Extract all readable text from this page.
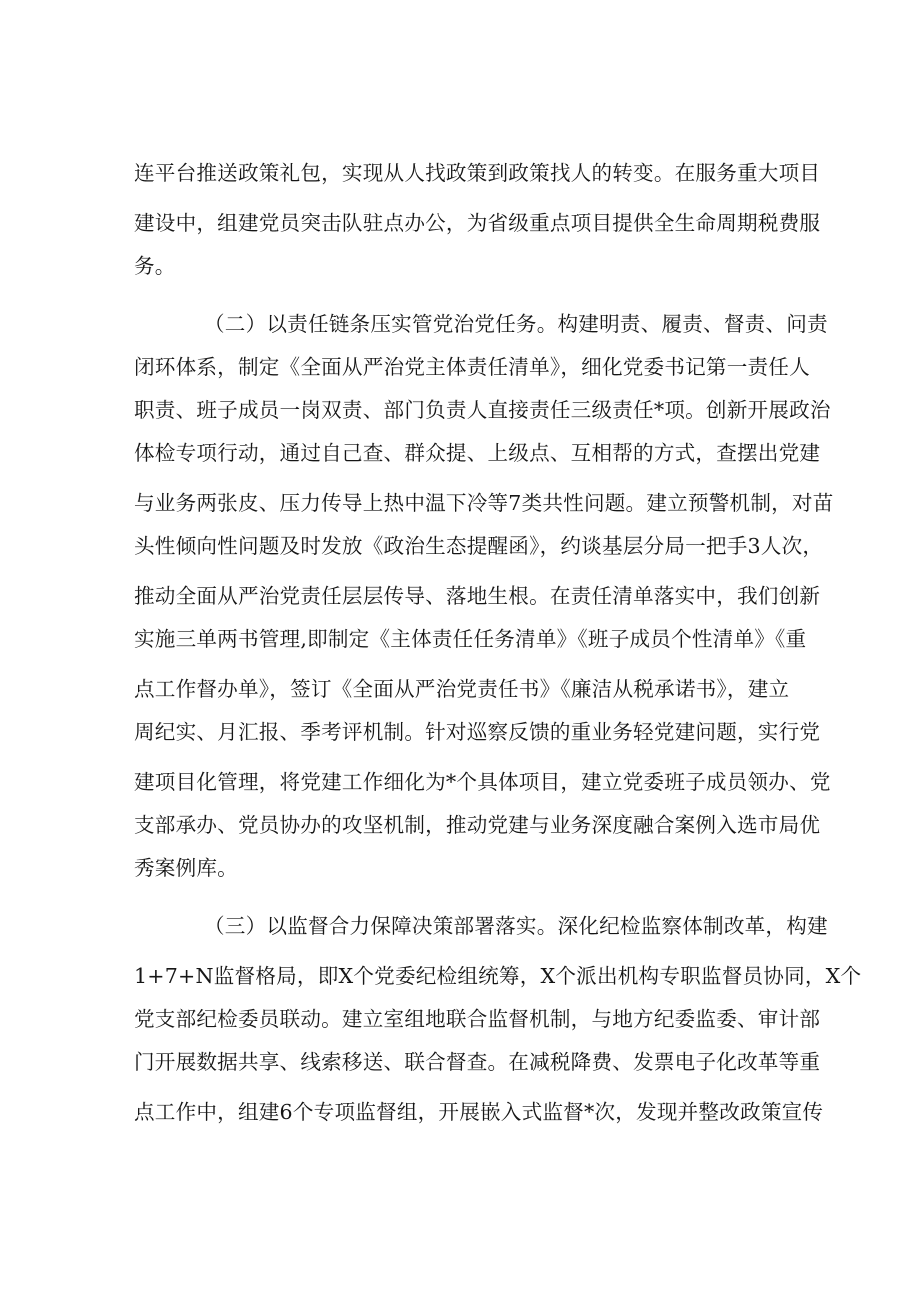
连平台推送政策礼包，实现从人找政策到政策找人的转变。在服务重大项目
建设中，组建党员突击队驻点办公，为省级重点项目提供全生命周期税费服
务。
（二）以责任链条压实管党治党任务。构建明责、履责、督责、问责
闭环体系，制定《全面从严治党主体责任清单》，细化党委书记第一责任人
职责、班子成员一岗双责、部门负责人直接责任三级责任*项。创新开展政治
体检专项行动，通过自己查、群众提、上级点、互相帮的方式，查摆出党建
与业务两张皮、压力传导上热中温下冷等7类共性问题。建立预警机制，对苗
头性倾向性问题及时发放《政治生态提醒函》，约谈基层分局一把手3人次，
推动全面从严治党责任层层传导、落地生根。在责任清单落实中，我们创新
实施三单两书管理,即制定《主体责任任务清单》《班子成员个性清单》《重
点工作督办单》，签订《全面从严治党责任书》《廉洁从税承诺书》，建立
周纪实、月汇报、季考评机制。针对巡察反馈的重业务轻党建问题，实行党
建项目化管理，将党建工作细化为*个具体项目，建立党委班子成员领办、党
支部承办、党员协办的攻坚机制，推动党建与业务深度融合案例入选市局优
秀案例库。
（三）以监督合力保障决策部署落实。深化纪检监察体制改革，构建
1+7+N监督格局，即X个党委纪检组统筹，X个派出机构专职监督员协同，X个
党支部纪检委员联动。建立室组地联合监督机制，与地方纪委监委、审计部
门开展数据共享、线索移送、联合督查。在减税降费、发票电子化改革等重
点工作中，组建6个专项监督组，开展嵌入式监督*次，发现并整改政策宣传
